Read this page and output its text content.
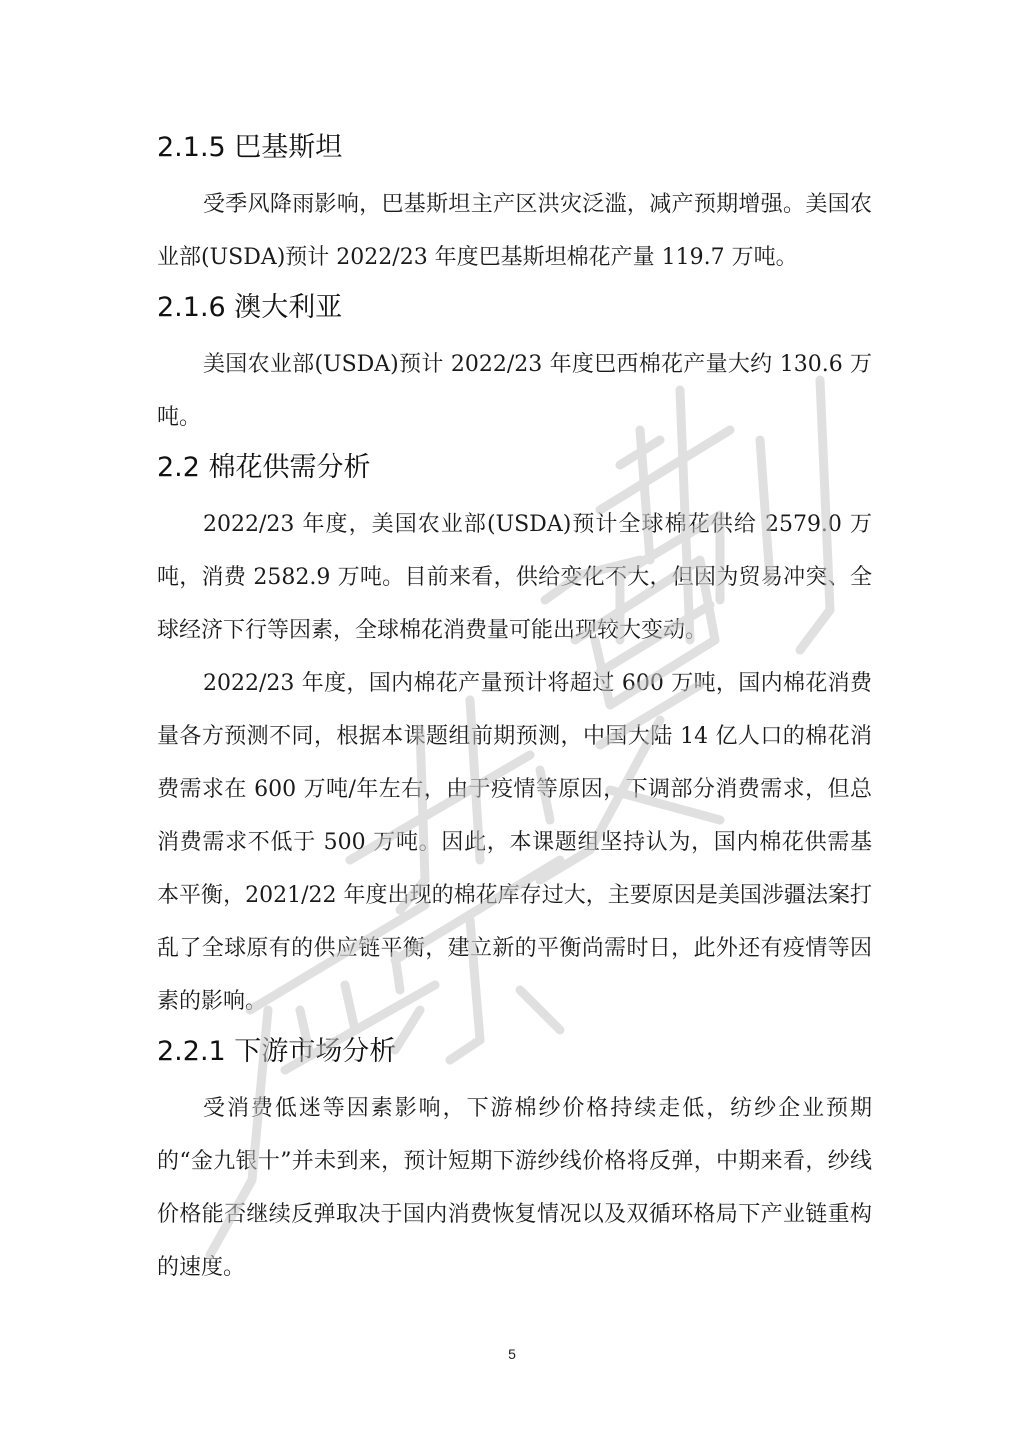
2.1.5 巴基斯坦

受季风降雨影响，巴基斯坦主产区洪灾泛滥，减产预期增强。美国农业部(USDA)预计 2022/23 年度巴基斯坦棉花产量 119.7 万吨。

2.1.6 澳大利亚

美国农业部(USDA)预计 2022/23 年度巴西棉花产量大约 130.6 万吨。

2.2 棉花供需分析

2022/23 年度，美国农业部(USDA)预计全球棉花供给 2579.0 万吨，消费 2582.9 万吨。目前来看，供给变化不大，但因为贸易冲突、全球经济下行等因素，全球棉花消费量可能出现较大变动。

2022/23 年度，国内棉花产量预计将超过 600 万吨，国内棉花消费量各方预测不同，根据本课题组前期预测，中国大陆 14 亿人口的棉花消费需求在 600 万吨/年左右，由于疫情等原因，下调部分消费需求，但总消费需求不低于 500 万吨。因此，本课题组坚持认为，国内棉花供需基本平衡，2021/22 年度出现的棉花库存过大，主要原因是美国涉疆法案打乱了全球原有的供应链平衡，建立新的平衡尚需时日，此外还有疫情等因素的影响。

2.2.1 下游市场分析

受消费低迷等因素影响，下游棉纱价格持续走低，纺纱企业预期的“金九银十”并未到来，预计短期下游纱线价格将反弹，中期来看，纱线价格能否继续反弹取决于国内消费恢复情况以及双循环格局下产业链重构的速度。

5
